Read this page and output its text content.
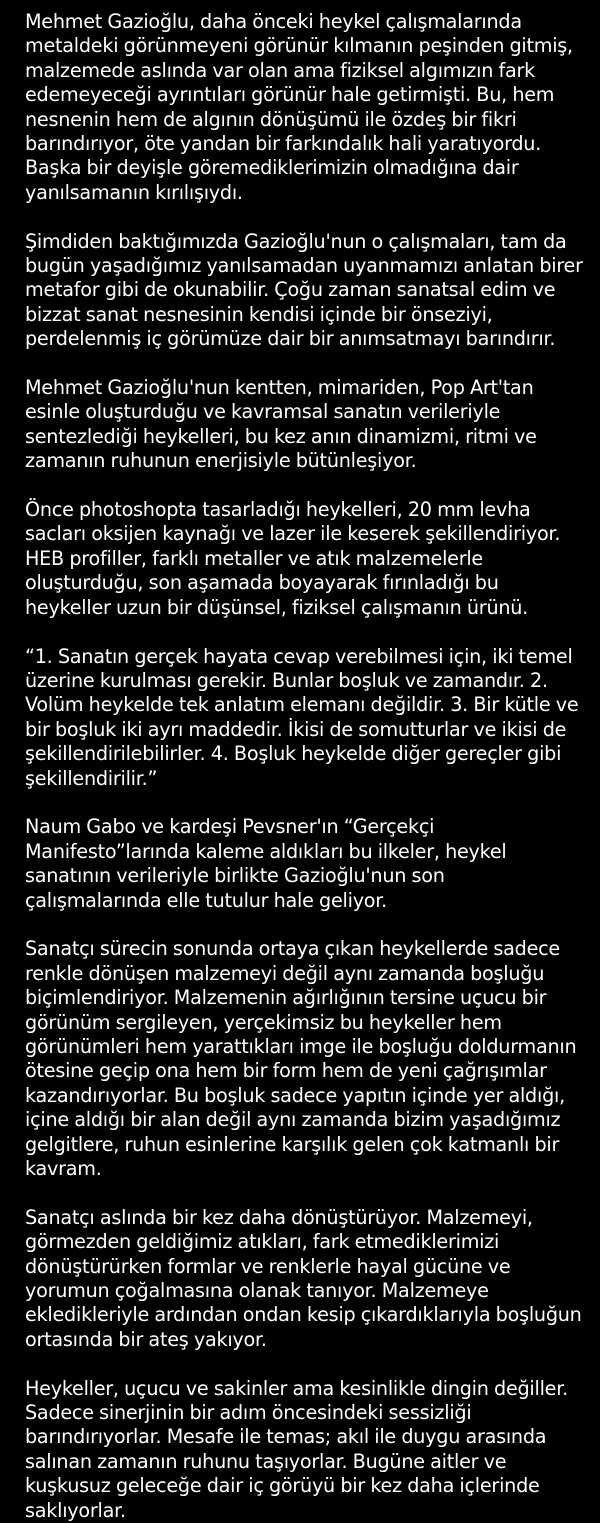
Mehmet Gazioğlu, daha önceki heykel çalışmalarında metaldeki görünmeyeni görünür kılmanın peşinden gitmiş, malzemede aslında var olan ama fiziksel algımızın fark edemeyeceği ayrıntıları görünür hale getirmişti. Bu, hem nesnenin hem de algının dönüşümü ile özdeş bir fikri barındırıyor, öte yandan bir farkındalık hali yaratıyordu. Başka bir deyişle göremediklerimizin olmadığına dair yanılsamanın kırılışıydı.

Şimdiden baktığımızda Gazioğlu'nun o çalışmaları, tam da bugün yaşadığımız yanılsamadan uyanmamızı anlatan birer metafor gibi de okunabilir. Çoğu zaman sanatsal edim ve bizzat sanat nesnesinin kendisi içinde bir önseziyi, perdelenmiş iç görümüze dair bir anımsatmayı barındırır.

Mehmet Gazioğlu'nun kentten, mimariden, Pop Art'tan esinle oluşturduğu ve kavramsal sanatın verileriyle sentezlediği heykelleri, bu kez anın dinamizmi, ritmi ve zamanın ruhunun enerjisiyle bütünleşiyor.

Önce photoshopta tasarladığı heykelleri, 20 mm levha sacları oksijen kaynağı ve lazer ile keserek şekillendiriyor. HEB profiller, farklı metaller ve atık malzemelerle oluşturduğu, son aşamada boyayarak fırınladığı bu heykeller uzun bir düşünsel, fiziksel çalışmanın ürünü.

“1. Sanatın gerçek hayata cevap verebilmesi için, iki temel üzerine kurulması gerekir. Bunlar boşluk ve zamandır. 2. Volüm heykelde tek anlatım elemanı değildir. 3. Bir kütle ve bir boşluk iki ayrı maddedir. İkisi de somutturlar ve ikisi de şekillendirilebilirler. 4. Boşluk heykelde diğer gereçler gibi şekillendirilir.”

Naum Gabo ve kardeşi Pevsner'ın “Gerçekçi Manifesto”larında kaleme aldıkları bu ilkeler, heykel sanatının verileriyle birlikte Gazioğlu'nun son çalışmalarında elle tutulur hale geliyor.

Sanatçı sürecin sonunda ortaya çıkan heykellerde sadece renkle dönüşen malzemeyi değil aynı zamanda boşluğu biçimlendiriyor. Malzemenin ağırlığının tersine uçucu bir görünüm sergileyen, yerçekimsiz bu heykeller hem görünümleri hem yarattıkları imge ile boşluğu doldurmanın ötesine geçip ona hem bir form hem de yeni çağrışımlar kazandırıyorlar. Bu boşluk sadece yapıtın içinde yer aldığı, içine aldığı bir alan değil aynı zamanda bizim yaşadığımız gelgitlere, ruhun esinlerine karşılık gelen çok katmanlı bir kavram.

Sanatçı aslında bir kez daha dönüştürüyor. Malzemeyi, görmezden geldiğimiz atıkları, fark etmediklerimizi dönüştürürken formlar ve renklerle hayal gücüne ve yorumun çoğalmasına olanak tanıyor. Malzemeye ekledikleriyle ardından ondan kesip çıkardıklarıyla boşluğun ortasında bir ateş yakıyor.

Heykeller, uçucu ve sakinler ama kesinlikle dingin değiller. Sadece sinerjinin bir adım öncesindeki sessizliği barındırıyorlar. Mesafe ile temas; akıl ile duygu arasında salınan zamanın ruhunu taşıyorlar. Bugüne aitler ve kuşkusuz geleceğe dair iç görüyü bir kez daha içlerinde saklıyorlar.
